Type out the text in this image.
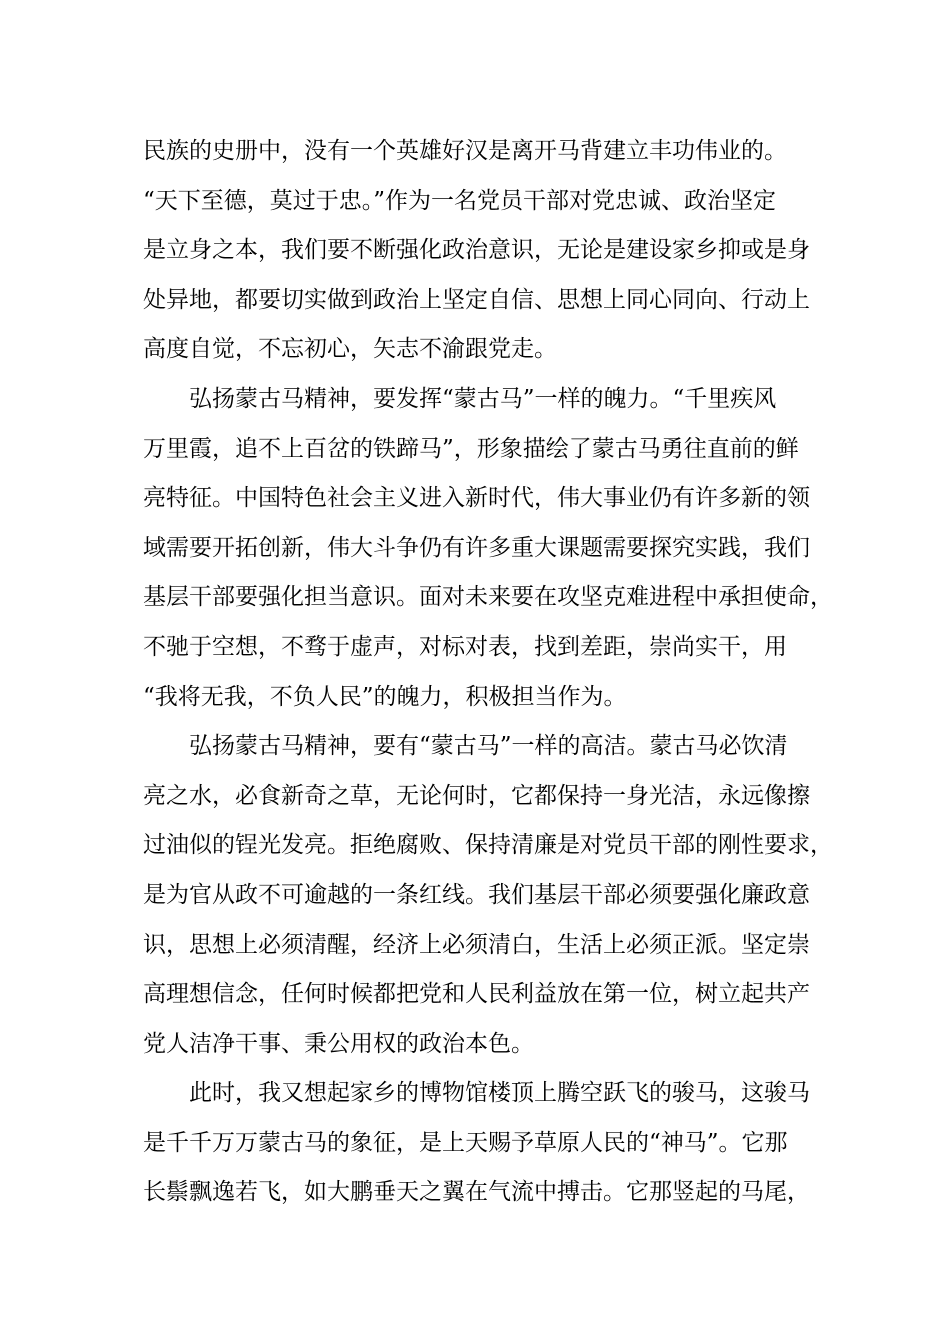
民族的史册中，没有一个英雄好汉是离开马背建立丰功伟业的。
“天下至德，莫过于忠。”作为一名党员干部对党忠诚、政治坚定
是立身之本，我们要不断强化政治意识，无论是建设家乡抑或是身
处异地，都要切实做到政治上坚定自信、思想上同心同向、行动上
高度自觉，不忘初心，矢志不渝跟党走。
弘扬蒙古马精神，要发挥“蒙古马”一样的魄力。“千里疾风
万里霞，追不上百岔的铁蹄马”，形象描绘了蒙古马勇往直前的鲜
亮特征。中国特色社会主义进入新时代，伟大事业仍有许多新的领
域需要开拓创新，伟大斗争仍有许多重大课题需要探究实践，我们
基层干部要强化担当意识。面对未来要在攻坚克难进程中承担使命，
不驰于空想，不骛于虚声，对标对表，找到差距，崇尚实干，用
“我将无我，不负人民”的魄力，积极担当作为。
弘扬蒙古马精神，要有“蒙古马”一样的高洁。蒙古马必饮清
亮之水，必食新奇之草，无论何时，它都保持一身光洁，永远像擦
过油似的锃光发亮。拒绝腐败、保持清廉是对党员干部的刚性要求，
是为官从政不可逾越的一条红线。我们基层干部必须要强化廉政意
识，思想上必须清醒，经济上必须清白，生活上必须正派。坚定崇
高理想信念，任何时候都把党和人民利益放在第一位，树立起共产
党人洁净干事、秉公用权的政治本色。
此时，我又想起家乡的博物馆楼顶上腾空跃飞的骏马，这骏马
是千千万万蒙古马的象征，是上天赐予草原人民的“神马”。它那
长鬃飘逸若飞，如大鹏垂天之翼在气流中搏击。它那竖起的马尾，
